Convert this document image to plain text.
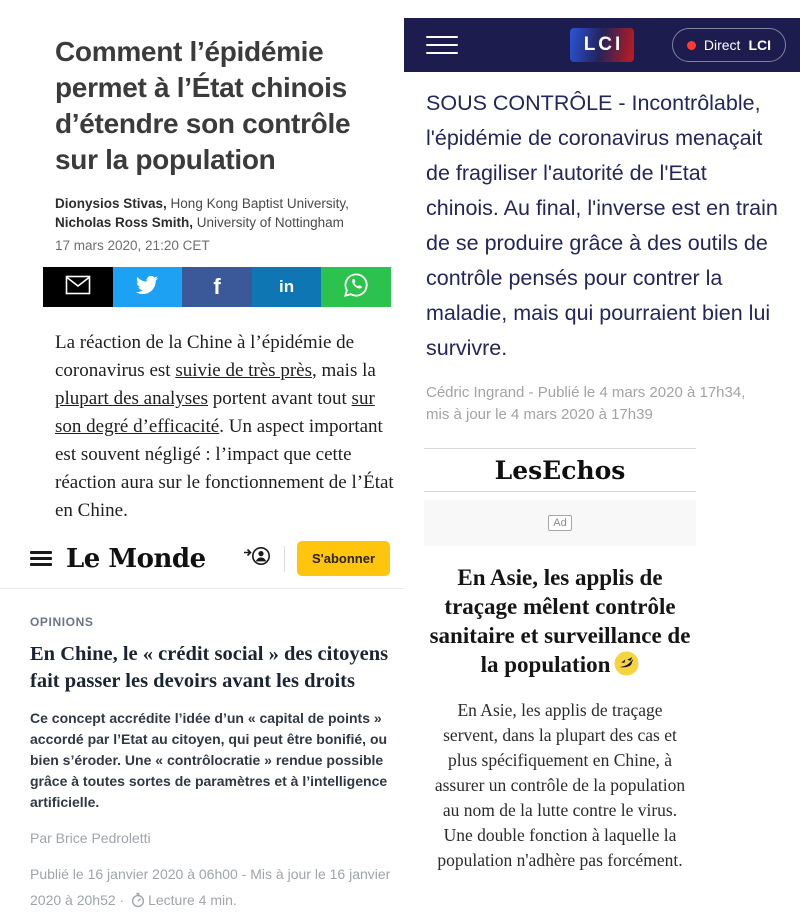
Comment l’épidémie permet à l’État chinois d’étendre son contrôle sur la population
Dionysios Stivas, Hong Kong Baptist University, Nicholas Ross Smith, University of Nottingham
17 mars 2020, 21:20 CET
f	in

La réaction de la Chine à l’épidémie de coronavirus est suivie de très près, mais la plupart des analyses portent avant tout sur son degré d’efficacité. Un aspect important est souvent négligé : l’impact que cette réaction aura sur le fonctionnement de l’État en Chine.

Le Monde	S'abonner
OPINIONS
En Chine, le « crédit social » des citoyens fait passer les devoirs avant les droits
Ce concept accrédite l’idée d’un « capital de points » accordé par l’Etat au citoyen, qui peut être bonifié, ou bien s’éroder. Une « contrôlocratie » rendue possible grâce à toutes sortes de paramètres et à l’intelligence artificielle.
Par Brice Pedroletti
Publié le 16 janvier 2020 à 06h00 - Mis à jour le 16 janvier 2020 à 20h52 · Lecture 4 min.
LCI	Direct LCI

SOUS CONTRÔLE - Incontrôlable, l'épidémie de coronavirus menaçait de fragiliser l'autorité de l'Etat chinois. Au final, l'inverse est en train de se produire grâce à des outils de contrôle pensés pour contrer la maladie, mais qui pourraient bien lui survivre.

Cédric Ingrand - Publié le 4 mars 2020 à 17h34, mis à jour le 4 mars 2020 à 17h39
LesEchos
Ad
En Asie, les applis de traçage mêlent contrôle sanitaire et surveillance de la population

En Asie, les applis de traçage servent, dans la plupart des cas et plus spécifiquement en Chine, à assurer un contrôle de la population au nom de la lutte contre le virus. Une double fonction à laquelle la population n'adhère pas forcément.
